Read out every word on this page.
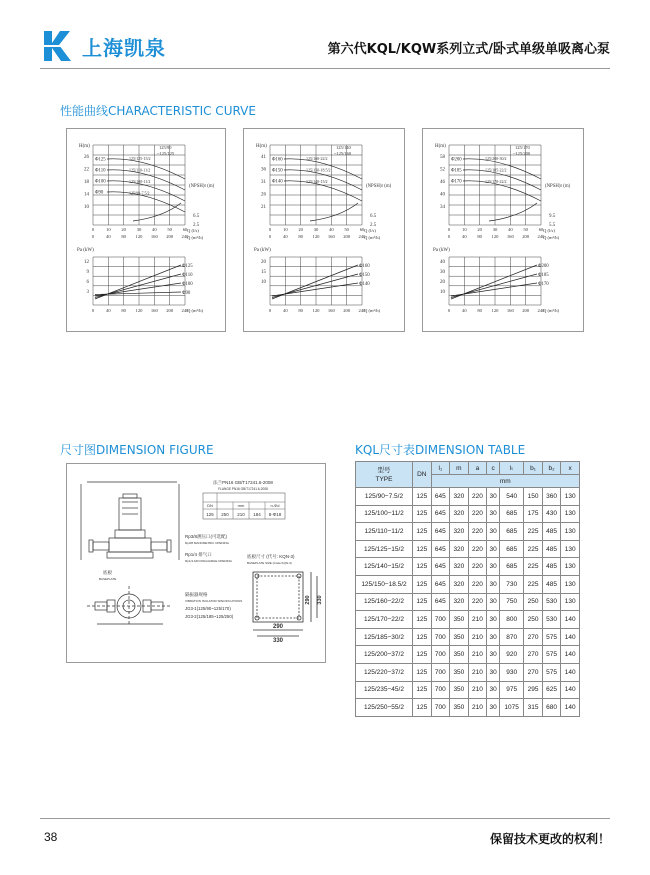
上海凯泉	第六代KQL/KQW系列立式/卧式单级单吸离心泵
性能曲线CHARACTERISTIC CURVE
尺寸图DIMENSION FIGURE	KQL尺寸表DIMENSION TABLE
H(m)
26
22
18
14
10
125/90
~125/125
Φ125	125/125-15/2
Φ110	125/110-11/2
Φ100	125/100-11/2
Φ90	125/90-7.5/2
(NPSH)r (m)
6.5
2.5
0	10 20 30 40 50 60 Q (l/s)
0	40 80 120 160 200 240
Q (m³/h)
Pa (kW)
12
9
6
3
Φ125
Φ110
Φ100
Φ90
0	40 80 120 160 200 240
Q (m³/h)
H(m)
41
36
31
26
21
125/140
~125/160
Φ160	125/160-22/2
Φ150	125/150-18.5/2
Φ140	125/140-15/2
(NPSH)r (m)
6.5
2.5
0	10 20 30 40 50 60 Q (l/s)
0	40 80 120 160 200 240
Q (m³/h)
Pa (kW)
20
15
10
Φ160
Φ150
Φ140
0	40 80 120 160 200 240
Q (m³/h)
H(m)
58
52
46
40
34
125/170
~125/200
Φ200	125/200-30/2
Φ185	125/185-22/2
Φ170	125/170-22/2
(NPSH)r (m)
9.5
5.5
0	10 20 30 40 50 60 Q (l/s)
0	40 80 120 160 200 240
Q (m³/h)
Pa (kW)
40
30
20
10
Φ200
Φ185
Φ170
0	40 80 120 160 200 240
Q (m³/h)
法兰PN16 GB/T17241.6-2008
FLANGE PN16 GB/T17241.6-2008
DN	mm	n-Φd
125 250 210 184 8-Φ18
底板
BASEPLATE
Rp3/8测压口(可选配)
Rp3/8 MANOMETRIC OPENING
Rp1/4 排气口
Rp1/4 AIR DISCHARGE OPENING
隔振器规格
VIBRATION ISOLATOR SPECIFICATIONS
JG3-1(125/90~125/170)
JG3-2(125/185~125/250)
底板尺寸 (代号: KQN-3)
BASEPLATE SIZE (Code:KQN-3)
290
330
290 330
型号
TYPE	DN	l₁	m	a	c	lₜ	b₁	b₂	x
		mm							
125/90−7.5/2	125	645	320	220	30	540	150	360	130
125/100−11/2	125	645	320	220	30	685	175	430	130
125/110−11/2	125	645	320	220	30	685	225	485	130
125/125−15/2	125	645	320	220	30	685	225	485	130
125/140−15/2	125	645	320	220	30	685	225	485	130
125/150−18.5/2	125	645	320	220	30	730	225	485	130
125/160−22/2	125	645	320	220	30	750	250	530	130
125/170−22/2	125	700	350	210	30	800	250	530	140
125/185−30/2	125	700	350	210	30	870	270	575	140
125/200−37/2	125	700	350	210	30	920	270	575	140
125/220−37/2	125	700	350	210	30	930	270	575	140
125/235−45/2	125	700	350	210	30	975	295	625	140
125/250−55/2	125	700	350	210	30	1075	315	680	140
38	保留技术更改的权利！
